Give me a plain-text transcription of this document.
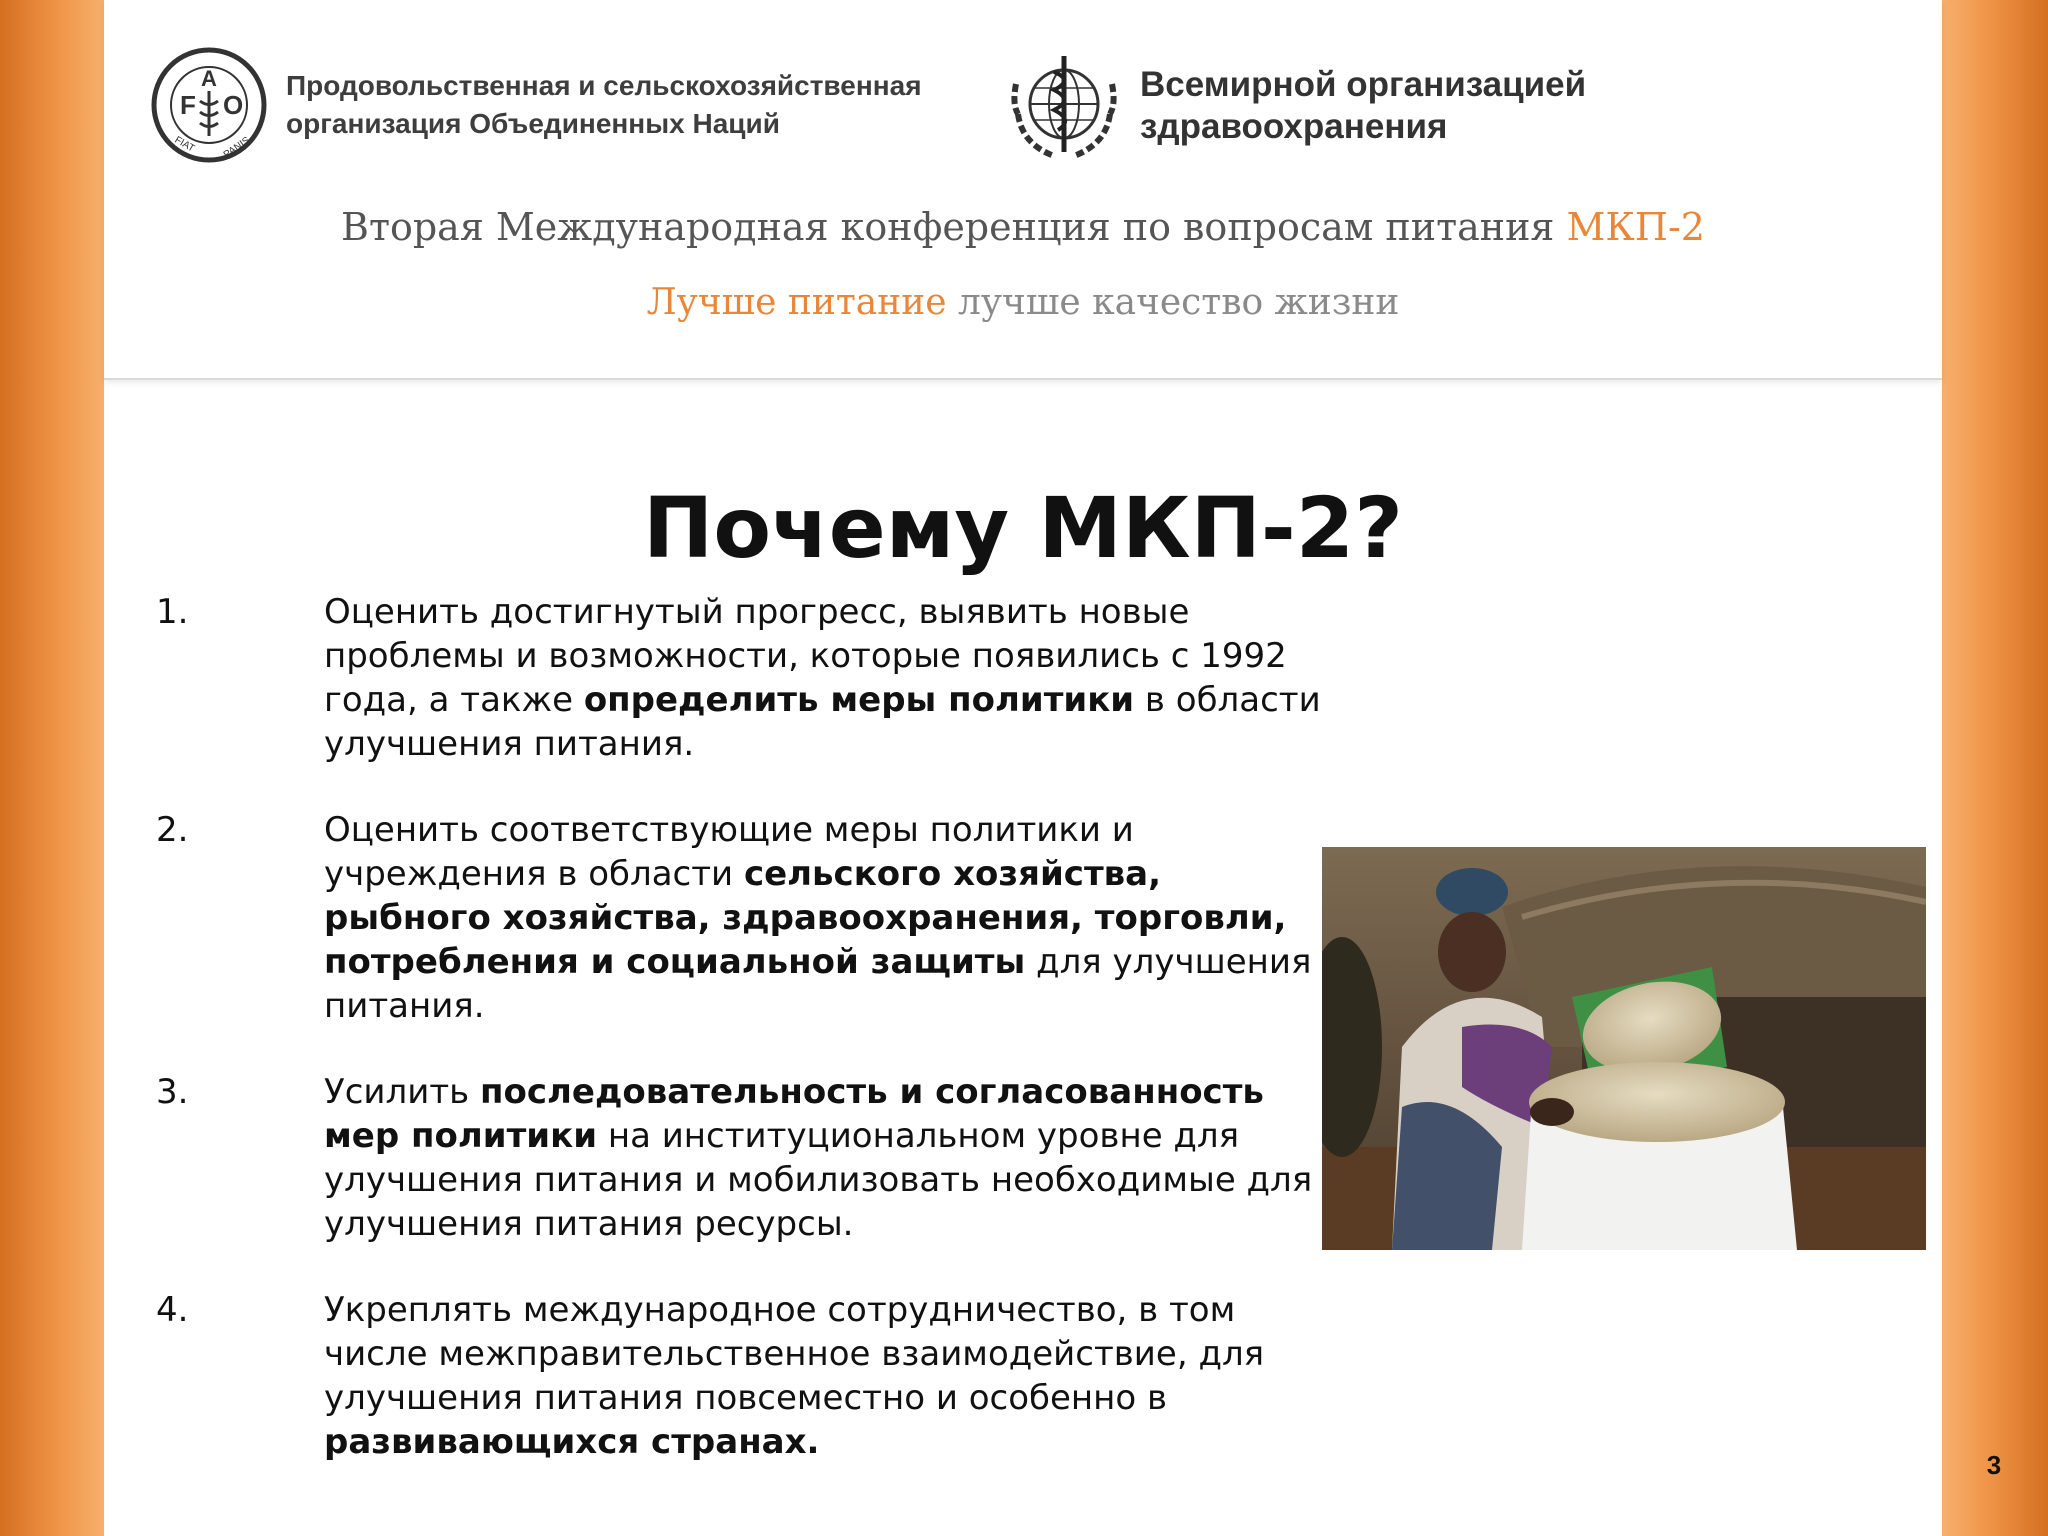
F
A
O
FIAT	PANIS
Продовольственная и сельскохозяйственная
организация Объединенных Наций
Всемирной организацией
здравоохранения
Вторая Международная конференция по вопросам питания МКП-2
Лучше питание лучше качество жизни
Почему МКП-2?
1.	Оценить достигнутый прогресс, выявить новые проблемы и возможности, которые появились с 1992 года, а также определить меры политики в области улучшения питания.
2.	Оценить соответствующие меры политики и учреждения в области сельского хозяйства, рыбного хозяйства, здравоохранения, торговли, потребления и социальной защиты для улучшения питания.
3.	Усилить последовательность и согласованность мер политики на институциональном уровне для улучшения питания и мобилизовать необходимые для улучшения питания ресурсы.
4.	Укреплять международное сотрудничество, в том числе межправительственное взаимодействие, для улучшения питания повсеместно и особенно в развивающихся странах.
3
